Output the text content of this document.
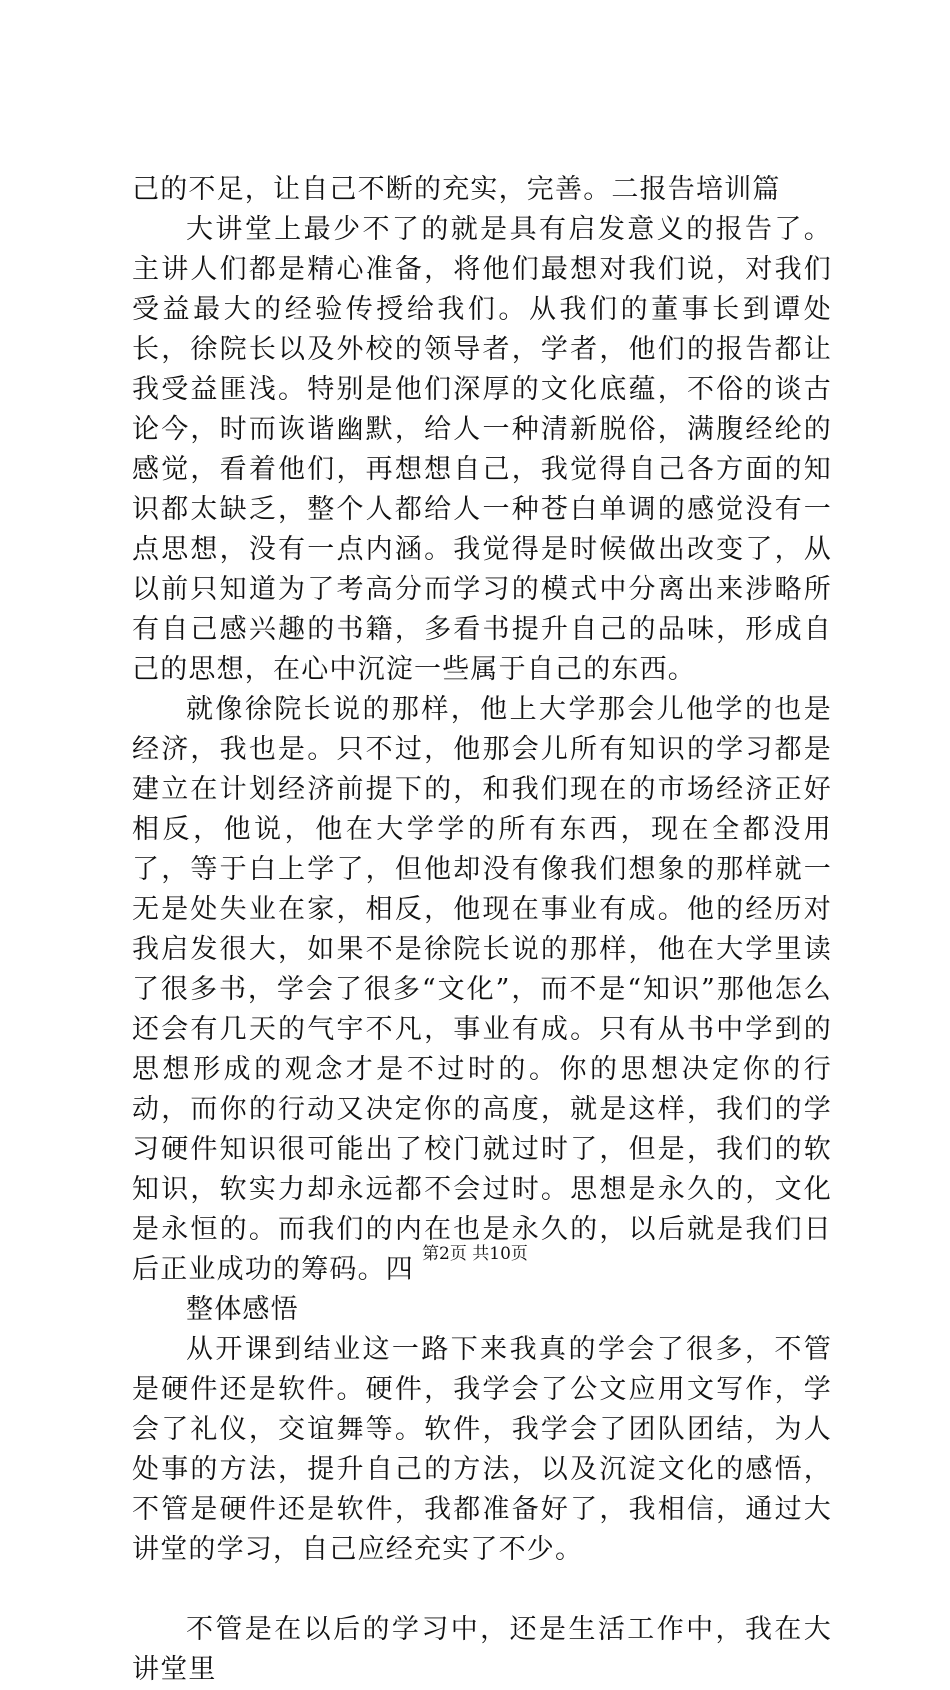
己的不足，让自己不断的充实，完善。二报告培训篇

大讲堂上最少不了的就是具有启发意义的报告了。主讲人们都是精心准备，将他们最想对我们说，对我们受益最大的经验传授给我们。从我们的董事长到谭处长，徐院长以及外校的领导者，学者，他们的报告都让我受益匪浅。特别是他们深厚的文化底蕴，不俗的谈古论今，时而诙谐幽默，给人一种清新脱俗，满腹经纶的感觉，看着他们，再想想自己，我觉得自己各方面的知识都太缺乏，整个人都给人一种苍白单调的感觉没有一点思想，没有一点内涵。我觉得是时候做出改变了，从以前只知道为了考高分而学习的模式中分离出来涉略所有自己感兴趣的书籍，多看书提升自己的品味，形成自己的思想，在心中沉淀一些属于自己的东西。

就像徐院长说的那样，他上大学那会儿他学的也是经济，我也是。只不过，他那会儿所有知识的学习都是建立在计划经济前提下的，和我们现在的市场经济正好相反，他说，他在大学学的所有东西，现在全都没用了，等于白上学了，但他却没有像我们想象的那样就一无是处失业在家，相反，他现在事业有成。他的经历对我启发很大，如果不是徐院长说的那样，他在大学里读了很多书，学会了很多“文化”，而不是“知识”那他怎么还会有几天的气宇不凡，事业有成。只有从书中学到的思想形成的观念才是不过时的。你的思想决定你的行动，而你的行动又决定你的高度，就是这样，我们的学习硬件知识很可能出了校门就过时了，但是，我们的软知识，软实力却永远都不会过时。思想是永久的，文化是永恒的。而我们的内在也是永久的，以后就是我们日后正业成功的筹码。四

整体感悟

从开课到结业这一路下来我真的学会了很多，不管是硬件还是软件。硬件，我学会了公文应用文写作，学会了礼仪，交谊舞等。软件，我学会了团队团结，为人处事的方法，提升自己的方法，以及沉淀文化的感悟，不管是硬件还是软件，我都准备好了，我相信，通过大讲堂的学习，自己应经充实了不少。

不管是在以后的学习中，还是生活工作中，我在大讲堂里

第2页 共10页
